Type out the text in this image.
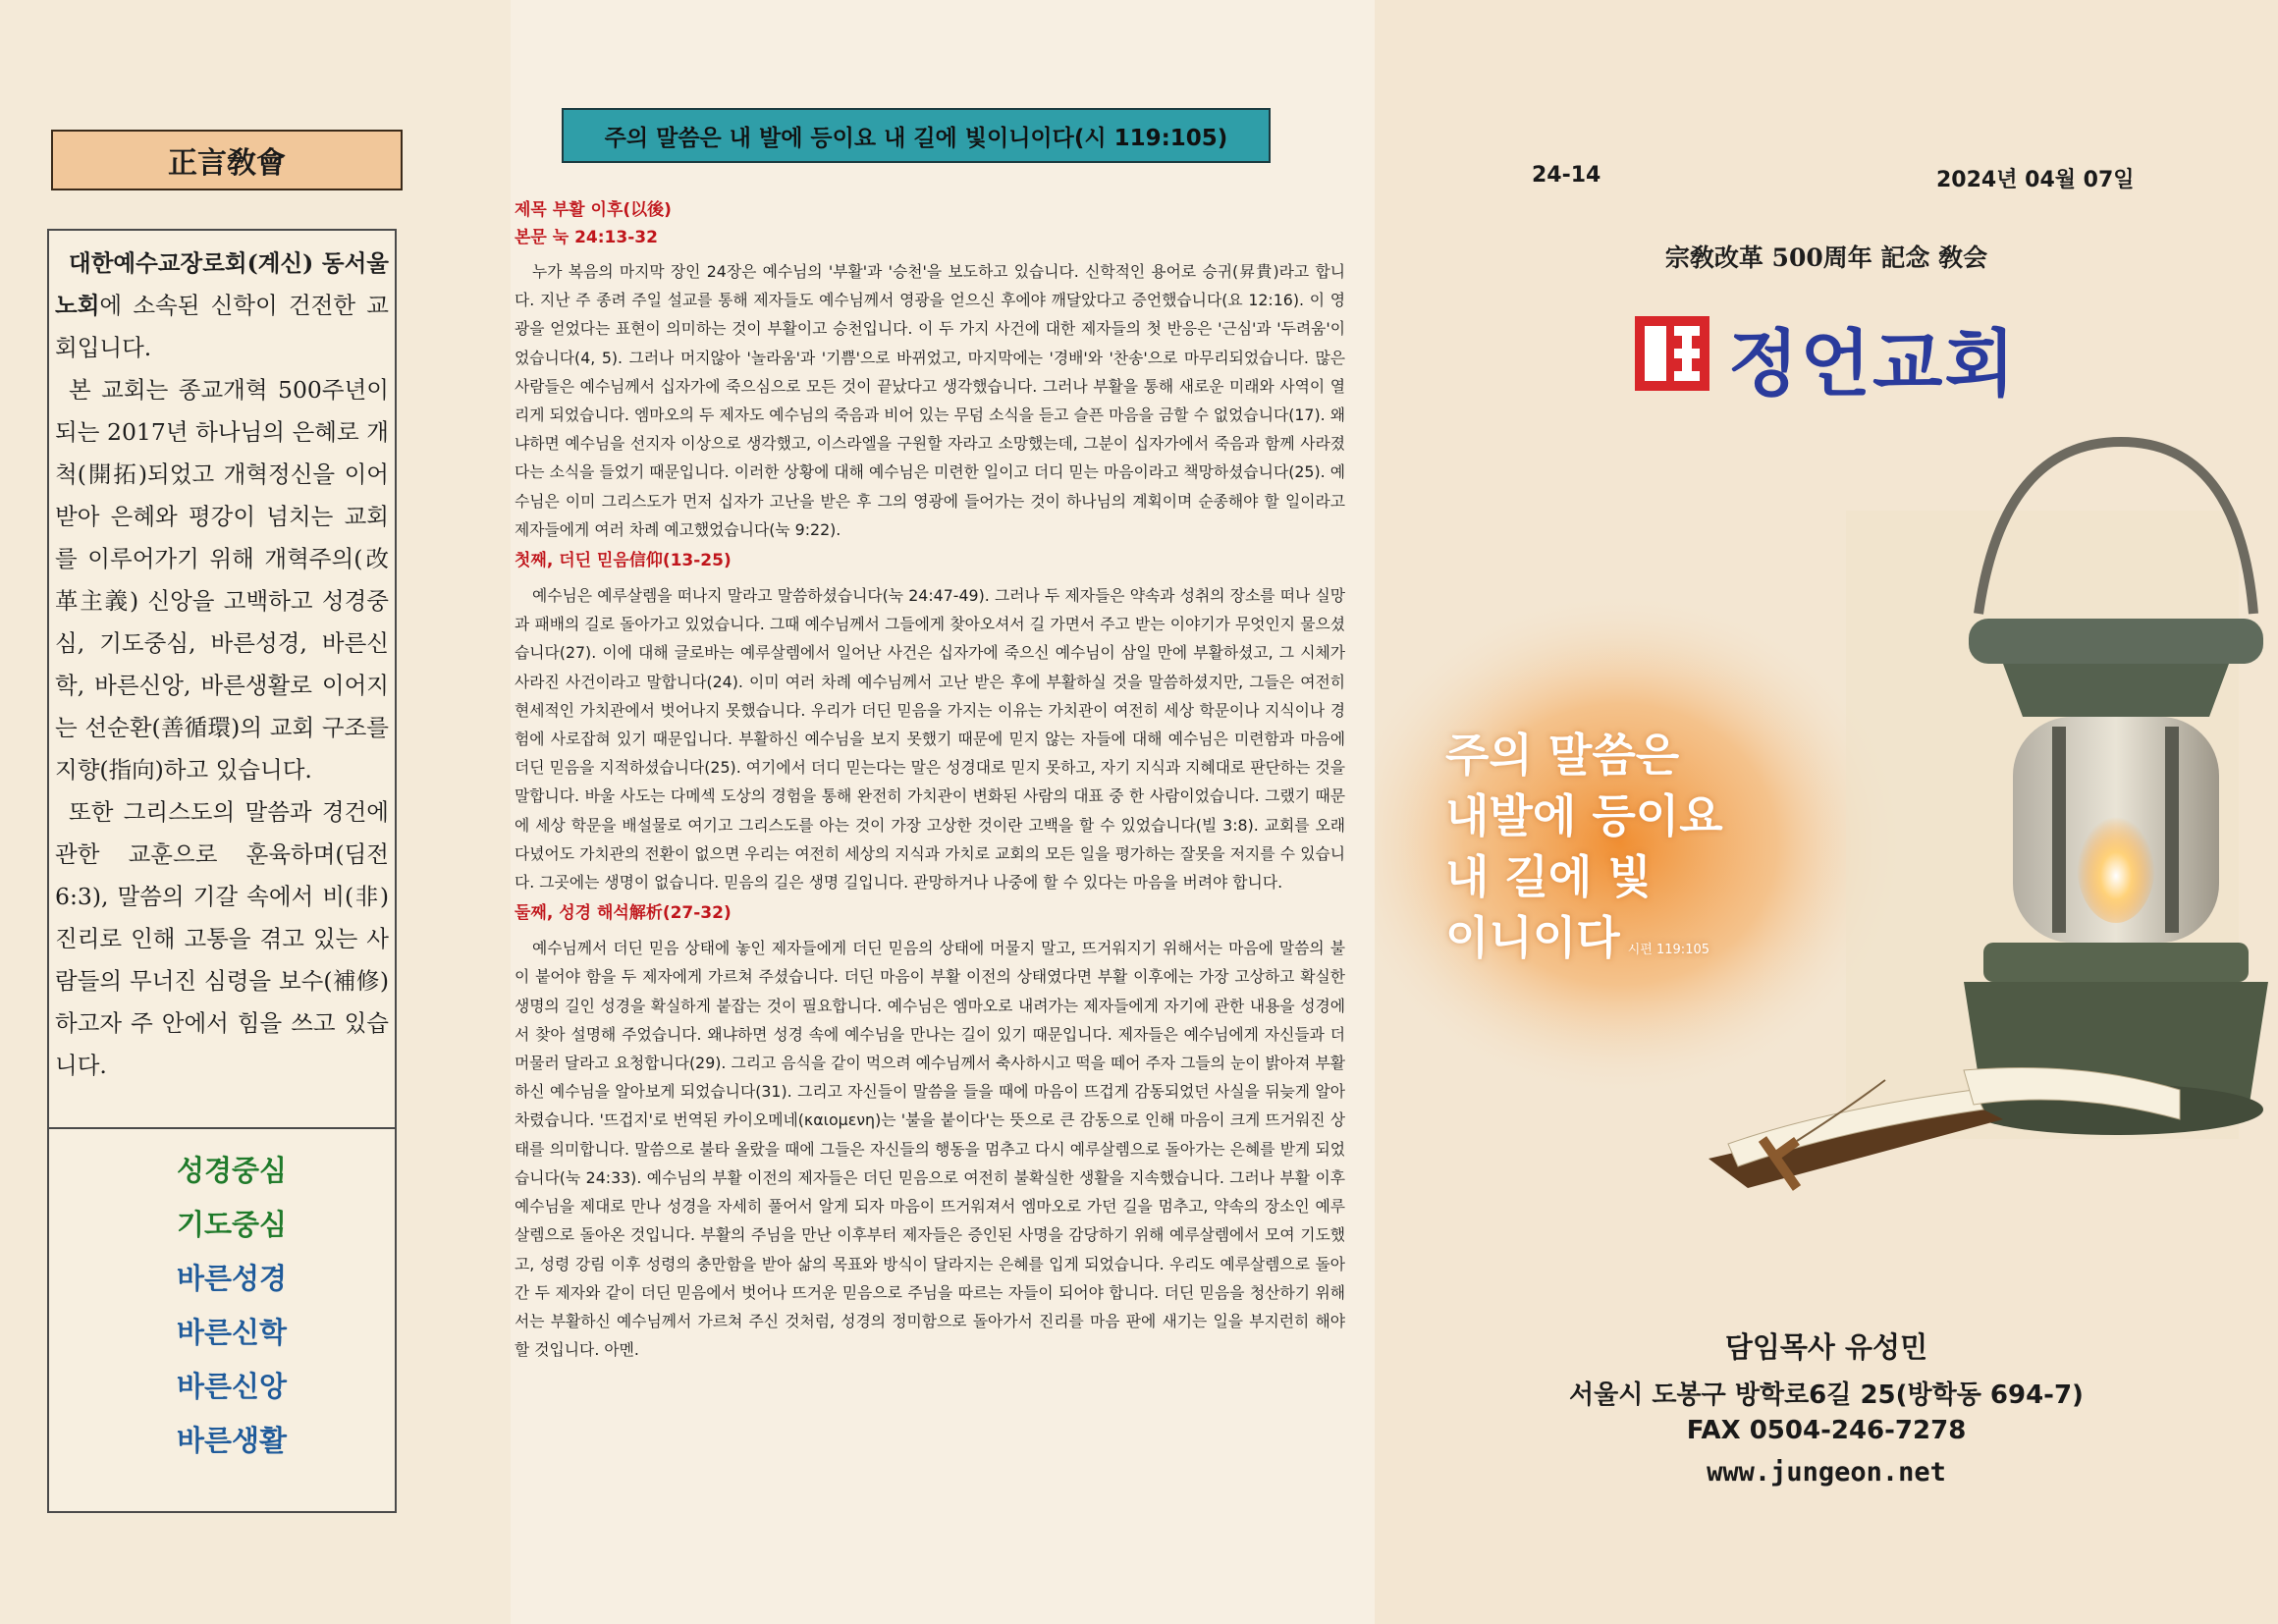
正言敎會

대한예수교장로회(계신) 동서울 노회에 소속된 신학이 건전한 교회입니다.

본 교회는 종교개혁 500주년이 되는 2017년 하나님의 은혜로 개척(開拓)되었고 개혁정신을 이어받아 은혜와 평강이 넘치는 교회를 이루어가기 위해 개혁주의(改革主義) 신앙을 고백하고 성경중심, 기도중심, 바른성경, 바른신학, 바른신앙, 바른생활로 이어지는 선순환(善循環)의 교회 구조를 지향(指向)하고 있습니다.

또한 그리스도의 말씀과 경건에 관한 교훈으로 훈육하며(딤전 6:3), 말씀의 기갈 속에서 비(非) 진리로 인해 고통을 겪고 있는 사람들의 무너진 심령을 보수(補修)하고자 주 안에서 힘을 쓰고 있습니다.

성경중심
기도중심
바른성경
바른신학
바른신앙
바른생활
주의 말씀은 내 발에 등이요 내 길에 빛이니이다(시 119:105)
제목 부활 이후(以後)
본문 눅 24:13-32

누가 복음의 마지막 장인 24장은 예수님의 '부활'과 '승천'을 보도하고 있습니다. 신학적인 용어로 승귀(昇貴)라고 합니다. 지난 주 종려 주일 설교를 통해 제자들도 예수님께서 영광을 얻으신 후에야 깨달았다고 증언했습니다(요 12:16). 이 영광을 얻었다는 표현이 의미하는 것이 부활이고 승천입니다. 이 두 가지 사건에 대한 제자들의 첫 반응은 '근심'과 '두려움'이었습니다(4, 5). 그러나 머지않아 '놀라움'과 '기쁨'으로 바뀌었고, 마지막에는 '경배'와 '찬송'으로 마무리되었습니다. 많은 사람들은 예수님께서 십자가에 죽으심으로 모든 것이 끝났다고 생각했습니다. 그러나 부활을 통해 새로운 미래와 사역이 열리게 되었습니다. 엠마오의 두 제자도 예수님의 죽음과 비어 있는 무덤 소식을 듣고 슬픈 마음을 금할 수 없었습니다(17). 왜냐하면 예수님을 선지자 이상으로 생각했고, 이스라엘을 구원할 자라고 소망했는데, 그분이 십자가에서 죽음과 함께 사라졌다는 소식을 들었기 때문입니다. 이러한 상황에 대해 예수님은 미련한 일이고 더디 믿는 마음이라고 책망하셨습니다(25). 예수님은 이미 그리스도가 먼저 십자가 고난을 받은 후 그의 영광에 들어가는 것이 하나님의 계획이며 순종해야 할 일이라고 제자들에게 여러 차례 예고했었습니다(눅 9:22).

첫째, 더딘 믿음信仰(13-25)

예수님은 예루살렘을 떠나지 말라고 말씀하셨습니다(눅 24:47-49). 그러나 두 제자들은 약속과 성취의 장소를 떠나 실망과 패배의 길로 돌아가고 있었습니다. 그때 예수님께서 그들에게 찾아오셔서 길 가면서 주고 받는 이야기가 무엇인지 물으셨습니다(27). 이에 대해 글로바는 예루살렘에서 일어난 사건은 십자가에 죽으신 예수님이 삼일 만에 부활하셨고, 그 시체가 사라진 사건이라고 말합니다(24). 이미 여러 차례 예수님께서 고난 받은 후에 부활하실 것을 말씀하셨지만, 그들은 여전히 현세적인 가치관에서 벗어나지 못했습니다. 우리가 더딘 믿음을 가지는 이유는 가치관이 여전히 세상 학문이나 지식이나 경험에 사로잡혀 있기 때문입니다. 부활하신 예수님을 보지 못했기 때문에 믿지 않는 자들에 대해 예수님은 미련함과 마음에 더딘 믿음을 지적하셨습니다(25). 여기에서 더디 믿는다는 말은 성경대로 믿지 못하고, 자기 지식과 지혜대로 판단하는 것을 말합니다. 바울 사도는 다메섹 도상의 경험을 통해 완전히 가치관이 변화된 사람의 대표 중 한 사람이었습니다. 그랬기 때문에 세상 학문을 배설물로 여기고 그리스도를 아는 것이 가장 고상한 것이란 고백을 할 수 있었습니다(빌 3:8). 교회를 오래 다녔어도 가치관의 전환이 없으면 우리는 여전히 세상의 지식과 가치로 교회의 모든 일을 평가하는 잘못을 저지를 수 있습니다. 그곳에는 생명이 없습니다. 믿음의 길은 생명 길입니다. 관망하거나 나중에 할 수 있다는 마음을 버려야 합니다.

둘째, 성경 해석解析(27-32)

예수님께서 더딘 믿음 상태에 놓인 제자들에게 더딘 믿음의 상태에 머물지 말고, 뜨거워지기 위해서는 마음에 말씀의 불이 붙어야 함을 두 제자에게 가르쳐 주셨습니다. 더딘 마음이 부활 이전의 상태였다면 부활 이후에는 가장 고상하고 확실한 생명의 길인 성경을 확실하게 붙잡는 것이 필요합니다. 예수님은 엠마오로 내려가는 제자들에게 자기에 관한 내용을 성경에서 찾아 설명해 주었습니다. 왜냐하면 성경 속에 예수님을 만나는 길이 있기 때문입니다. 제자들은 예수님에게 자신들과 더 머물러 달라고 요청합니다(29). 그리고 음식을 같이 먹으려 예수님께서 축사하시고 떡을 떼어 주자 그들의 눈이 밝아져 부활하신 예수님을 알아보게 되었습니다(31). 그리고 자신들이 말씀을 들을 때에 마음이 뜨겁게 감동되었던 사실을 뒤늦게 알아차렸습니다. '뜨겁지'로 번역된 카이오메네(καιομενη)는 '불을 붙이다'는 뜻으로 큰 감동으로 인해 마음이 크게 뜨거워진 상태를 의미합니다. 말씀으로 불타 올랐을 때에 그들은 자신들의 행동을 멈추고 다시 예루살렘으로 돌아가는 은혜를 받게 되었습니다(눅 24:33). 예수님의 부활 이전의 제자들은 더딘 믿음으로 여전히 불확실한 생활을 지속했습니다. 그러나 부활 이후 예수님을 제대로 만나 성경을 자세히 풀어서 알게 되자 마음이 뜨거워져서 엠마오로 가던 길을 멈추고, 약속의 장소인 예루살렘으로 돌아온 것입니다. 부활의 주님을 만난 이후부터 제자들은 증인된 사명을 감당하기 위해 예루살렘에서 모여 기도했고, 성령 강림 이후 성령의 충만함을 받아 삶의 목표와 방식이 달라지는 은혜를 입게 되었습니다. 우리도 예루살렘으로 돌아간 두 제자와 같이 더딘 믿음에서 벗어나 뜨거운 믿음으로 주님을 따르는 자들이 되어야 합니다. 더딘 믿음을 청산하기 위해서는 부활하신 예수님께서 가르쳐 주신 것처럼, 성경의 정미함으로 돌아가서 진리를 마음 판에 새기는 일을 부지런히 해야 할 것입니다. 아멘.

24-14	2024년 04월 07일
宗敎改革 500周年 記念 敎会
정언교회
주의 말씀은
내발에 등이요
내 길에 빛
이니이다 시편 119:105
담임목사 유성민
서울시 도봉구 방학로6길 25(방학동 694-7)
FAX 0504-246-7278
www.jungeon.net
